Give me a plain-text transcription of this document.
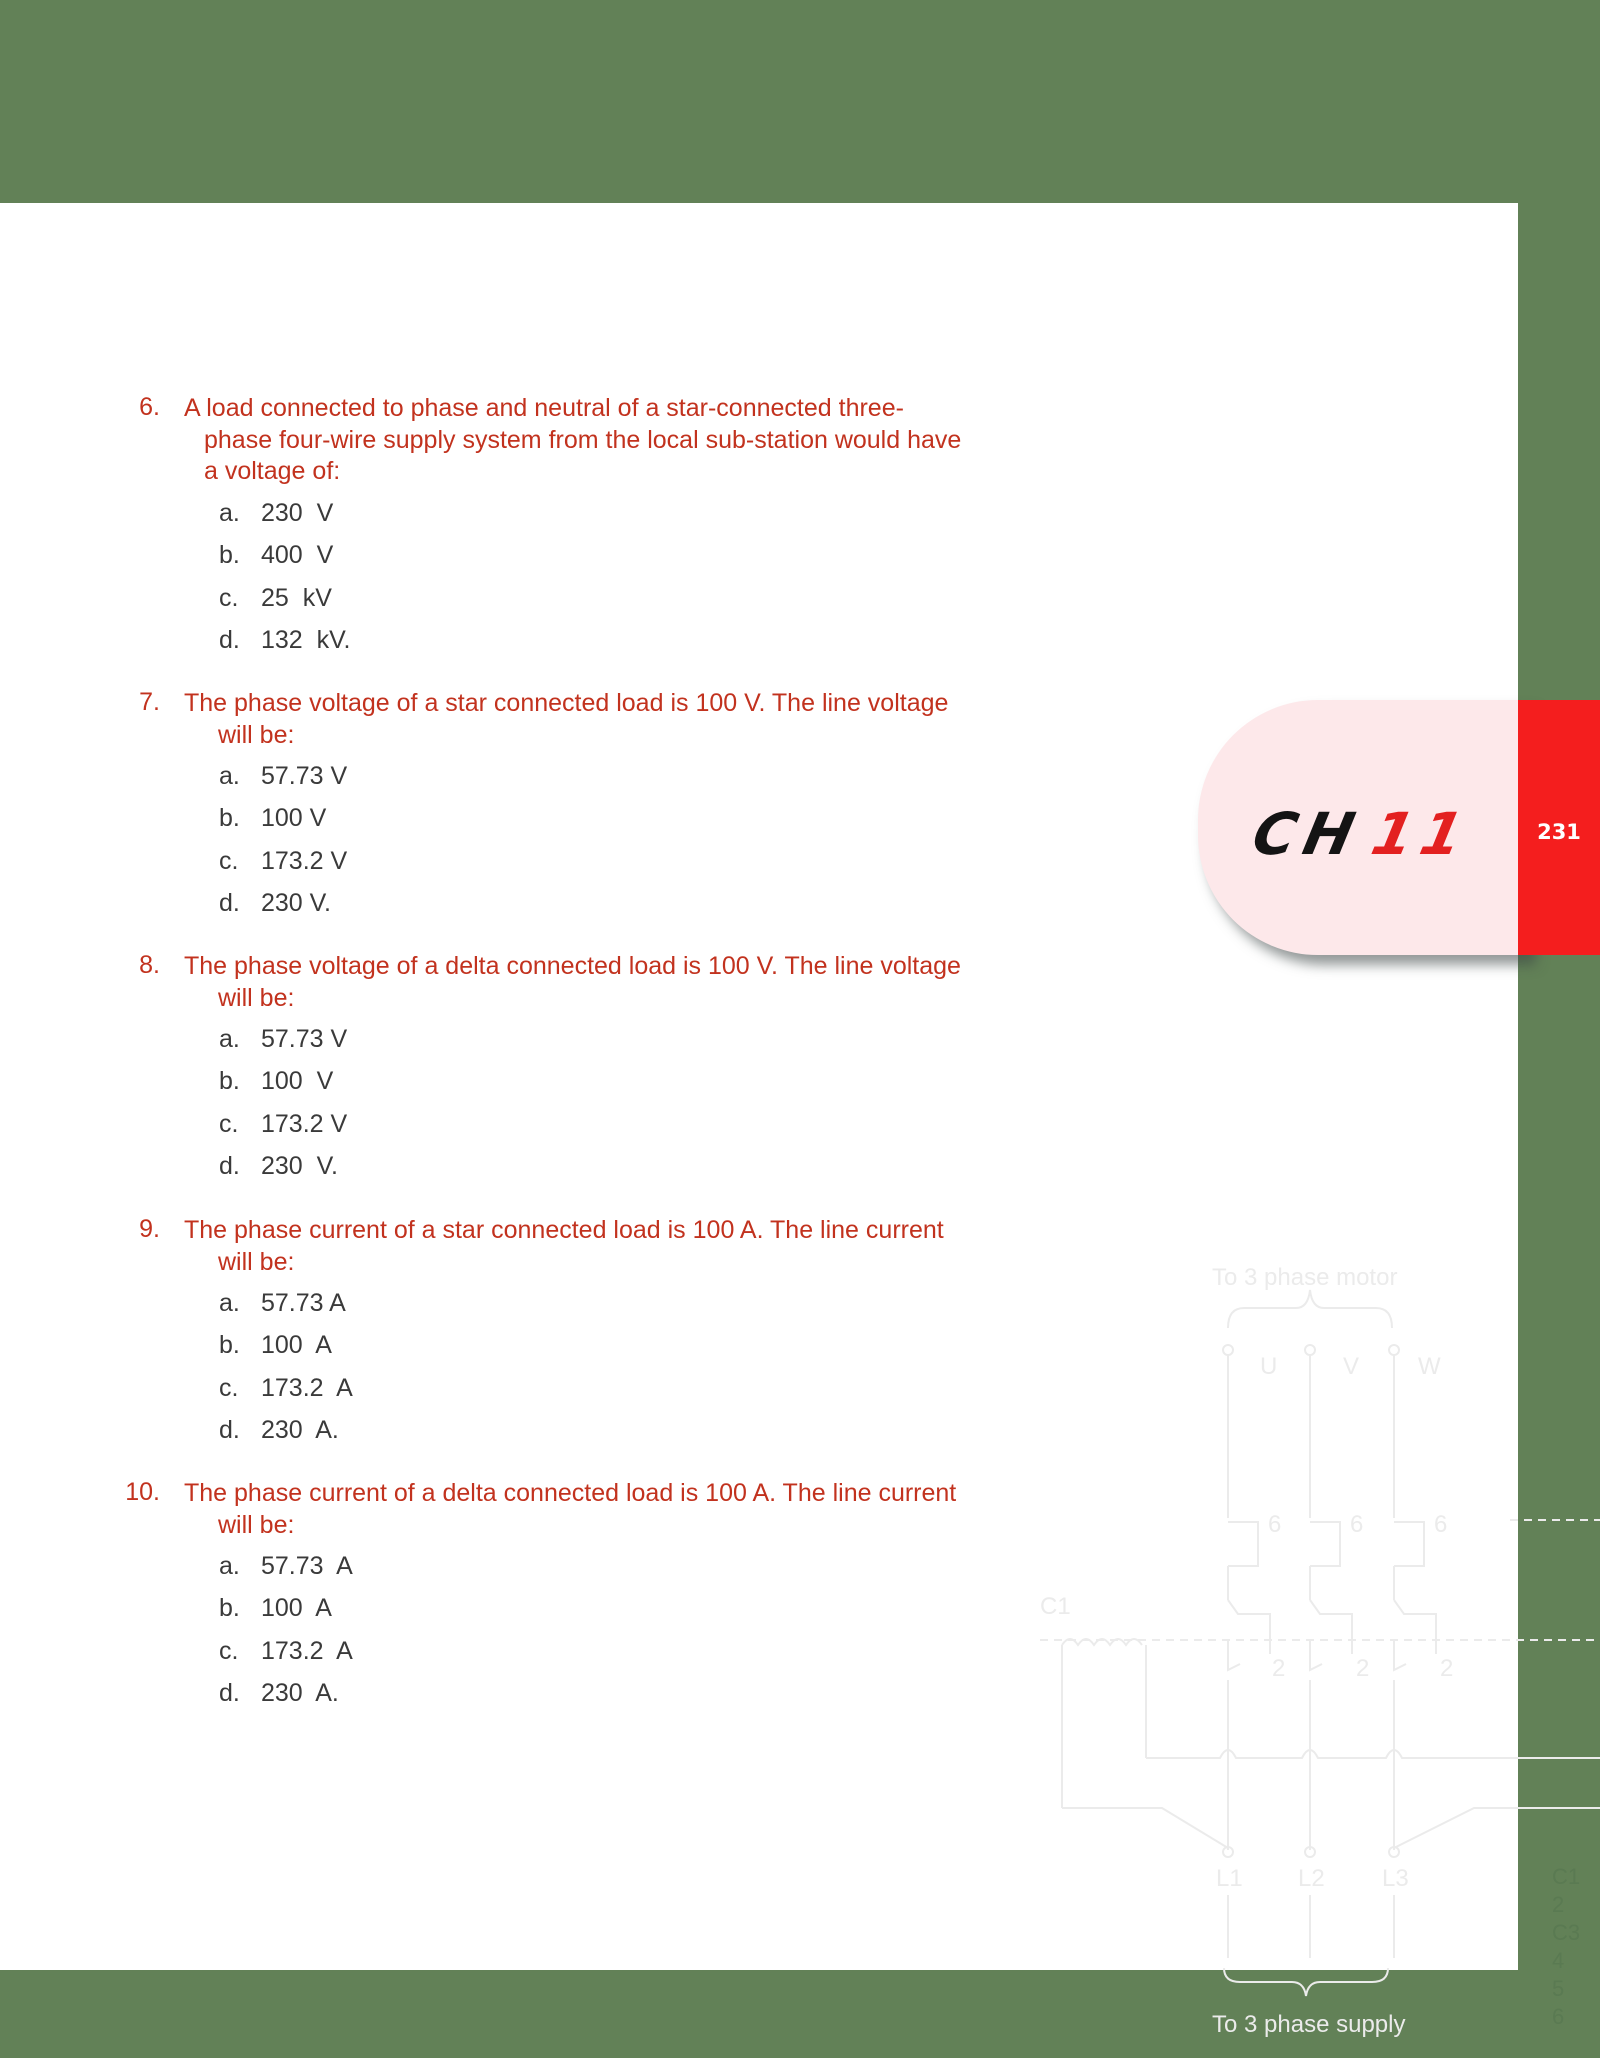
To 3 phase motor
U	V W
6	6	6
C1
2	2	2
L1 L2 L3
To 3 phase supply
C1
2
C3
4
5
6
CH11	231
6. A load connected to phase and neutral of a star-connected three-
phase four-wire supply system from the local sub-station would have
a voltage of:
a. 230  V
b. 400  V
c. 25  kV
d. 132  kV.
7. The phase voltage of a star connected load is 100 V. The line voltage
will be:
a. 57.73 V
b. 100 V
c. 173.2 V
d. 230 V.
8. The phase voltage of a delta connected load is 100 V. The line voltage
will be:
a. 57.73 V
b. 100  V
c. 173.2 V
d. 230  V.
9. The phase current of a star connected load is 100 A. The line current
will be:
a. 57.73 A
b. 100  A
c. 173.2  A
d. 230  A.
10. The phase current of a delta connected load is 100 A. The line current
will be:
a. 57.73  A
b. 100  A
c. 173.2  A
d. 230  A.
